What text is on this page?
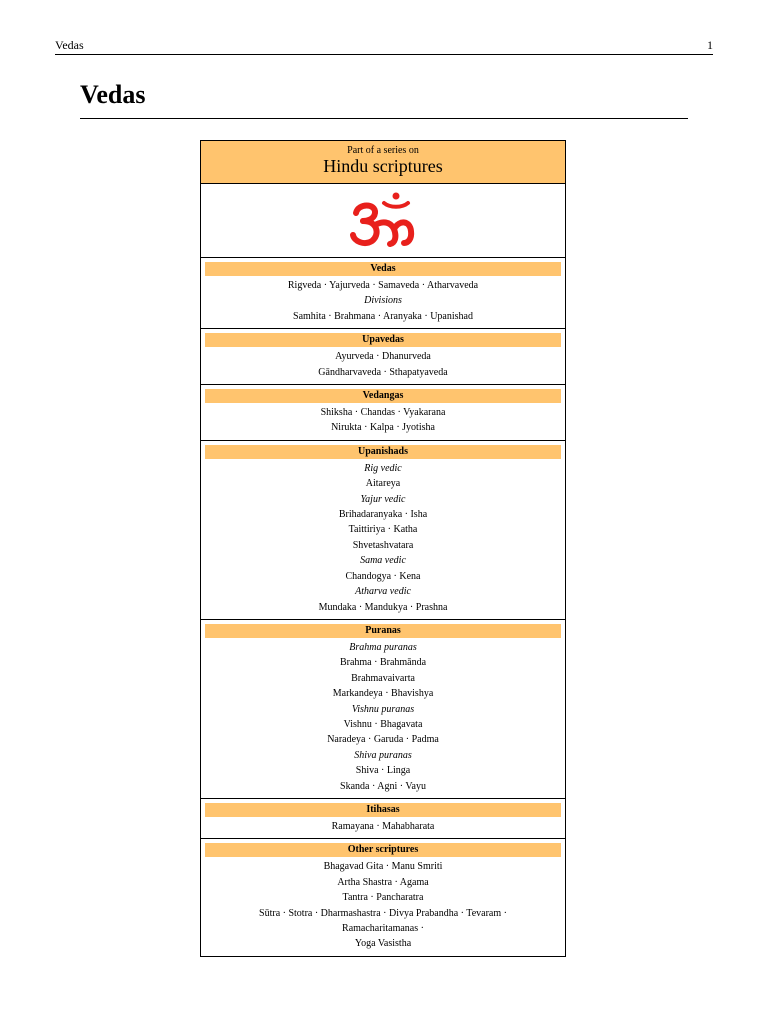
Vedas	1
Vedas
Part of a series on
Hindu scriptures
Vedas
Rigveda · Yajurveda · Samaveda · Atharvaveda
Divisions
Samhita · Brahmana · Aranyaka · Upanishad
Upavedas
Ayurveda · Dhanurveda
Gāndharvaveda · Sthapatyaveda
Vedangas
Shiksha · Chandas · Vyakarana
Nirukta · Kalpa · Jyotisha
Upanishads
Rig vedic
Aitareya
Yajur vedic
Brihadaranyaka · Isha
Taittiriya · Katha
Shvetashvatara
Sama vedic
Chandogya · Kena
Atharva vedic
Mundaka · Mandukya · Prashna
Puranas
Brahma puranas
Brahma · Brahmānda
Brahmavaivarta
Markandeya · Bhavishya
Vishnu puranas
Vishnu · Bhagavata
Naradeya · Garuda · Padma
Shiva puranas
Shiva · Linga
Skanda · Agni · Vayu
Itihasas
Ramayana · Mahabharata
Other scriptures
Bhagavad Gita · Manu Smriti
Artha Shastra · Agama
Tantra · Pancharatra
Sūtra · Stotra · Dharmashastra · Divya Prabandha · Tevaram ·
Ramacharitamanas ·
Yoga Vasistha
